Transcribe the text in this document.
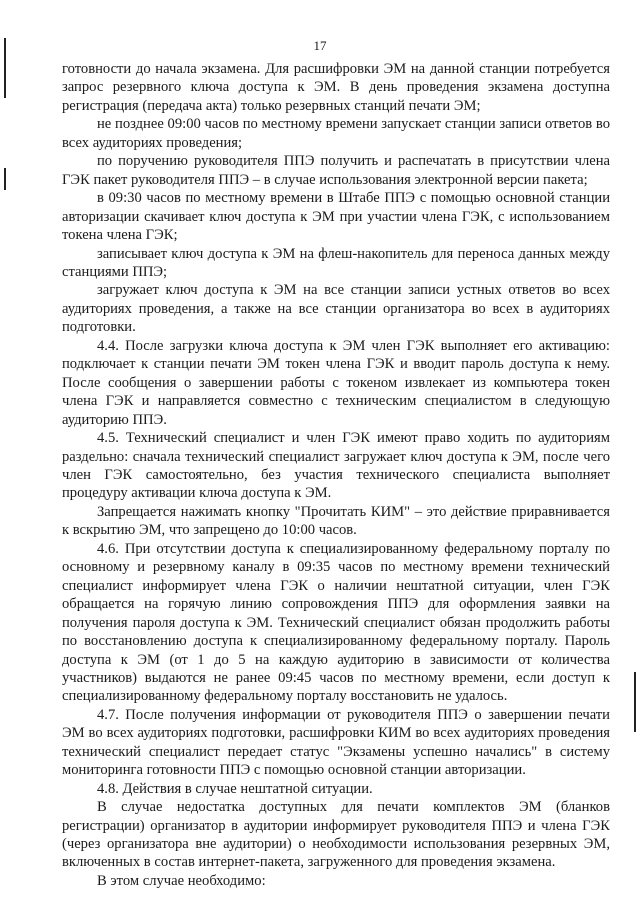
17

готовности до начала экзамена. Для расшифровки ЭМ на данной станции потребуется запрос резервного ключа доступа к ЭМ. В день проведения экзамена доступна регистрация (передача акта) только резервных станций печати ЭМ;

не позднее 09:00 часов по местному времени запускает станции записи ответов во всех аудиториях проведения;

по поручению руководителя ППЭ получить и распечатать в присутствии члена ГЭК пакет руководителя ППЭ – в случае использования электронной версии пакета;

в 09:30 часов по местному времени в Штабе ППЭ с помощью основной станции авторизации скачивает ключ доступа к ЭМ при участии члена ГЭК, с использованием токена члена ГЭК;

записывает ключ доступа к ЭМ на флеш-накопитель для переноса данных между станциями ППЭ;

загружает ключ доступа к ЭМ на все станции записи устных ответов во всех аудиториях проведения, а также на все станции организатора во всех в аудиториях подготовки.

4.4. После загрузки ключа доступа к ЭМ член ГЭК выполняет его активацию: подключает к станции печати ЭМ токен члена ГЭК и вводит пароль доступа к нему. После сообщения о завершении работы с токеном извлекает из компьютера токен члена ГЭК и направляется совместно с техническим специалистом в следующую аудиторию ППЭ.

4.5. Технический специалист и член ГЭК имеют право ходить по аудиториям раздельно: сначала технический специалист загружает ключ доступа к ЭМ, после чего член ГЭК самостоятельно, без участия технического специалиста выполняет процедуру активации ключа доступа к ЭМ.

Запрещается нажимать кнопку "Прочитать КИМ" – это действие приравнивается к вскрытию ЭМ, что запрещено до 10:00 часов.

4.6. При отсутствии доступа к специализированному федеральному порталу по основному и резервному каналу в 09:35 часов по местному времени технический специалист информирует члена ГЭК о наличии нештатной ситуации, член ГЭК обращается на горячую линию сопровождения ППЭ для оформления заявки на получения пароля доступа к ЭМ. Технический специалист обязан продолжить работы по восстановлению доступа к специализированному федеральному порталу. Пароль доступа к ЭМ (от 1 до 5 на каждую аудиторию в зависимости от количества участников) выдаются не ранее 09:45 часов по местному времени, если доступ к специализированному федеральному порталу восстановить не удалось.

4.7. После получения информации от руководителя ППЭ о завершении печати ЭМ во всех аудиториях подготовки, расшифровки КИМ во всех аудиториях проведения технический специалист передает статус "Экзамены успешно начались" в систему мониторинга готовности ППЭ с помощью основной станции авторизации.

4.8. Действия в случае нештатной ситуации.

В случае недостатка доступных для печати комплектов ЭМ (бланков регистрации) организатор в аудитории информирует руководителя ППЭ и члена ГЭК (через организатора вне аудитории) о необходимости использования резервных ЭМ, включенных в состав интернет-пакета, загруженного для проведения экзамена.

В этом случае необходимо:
